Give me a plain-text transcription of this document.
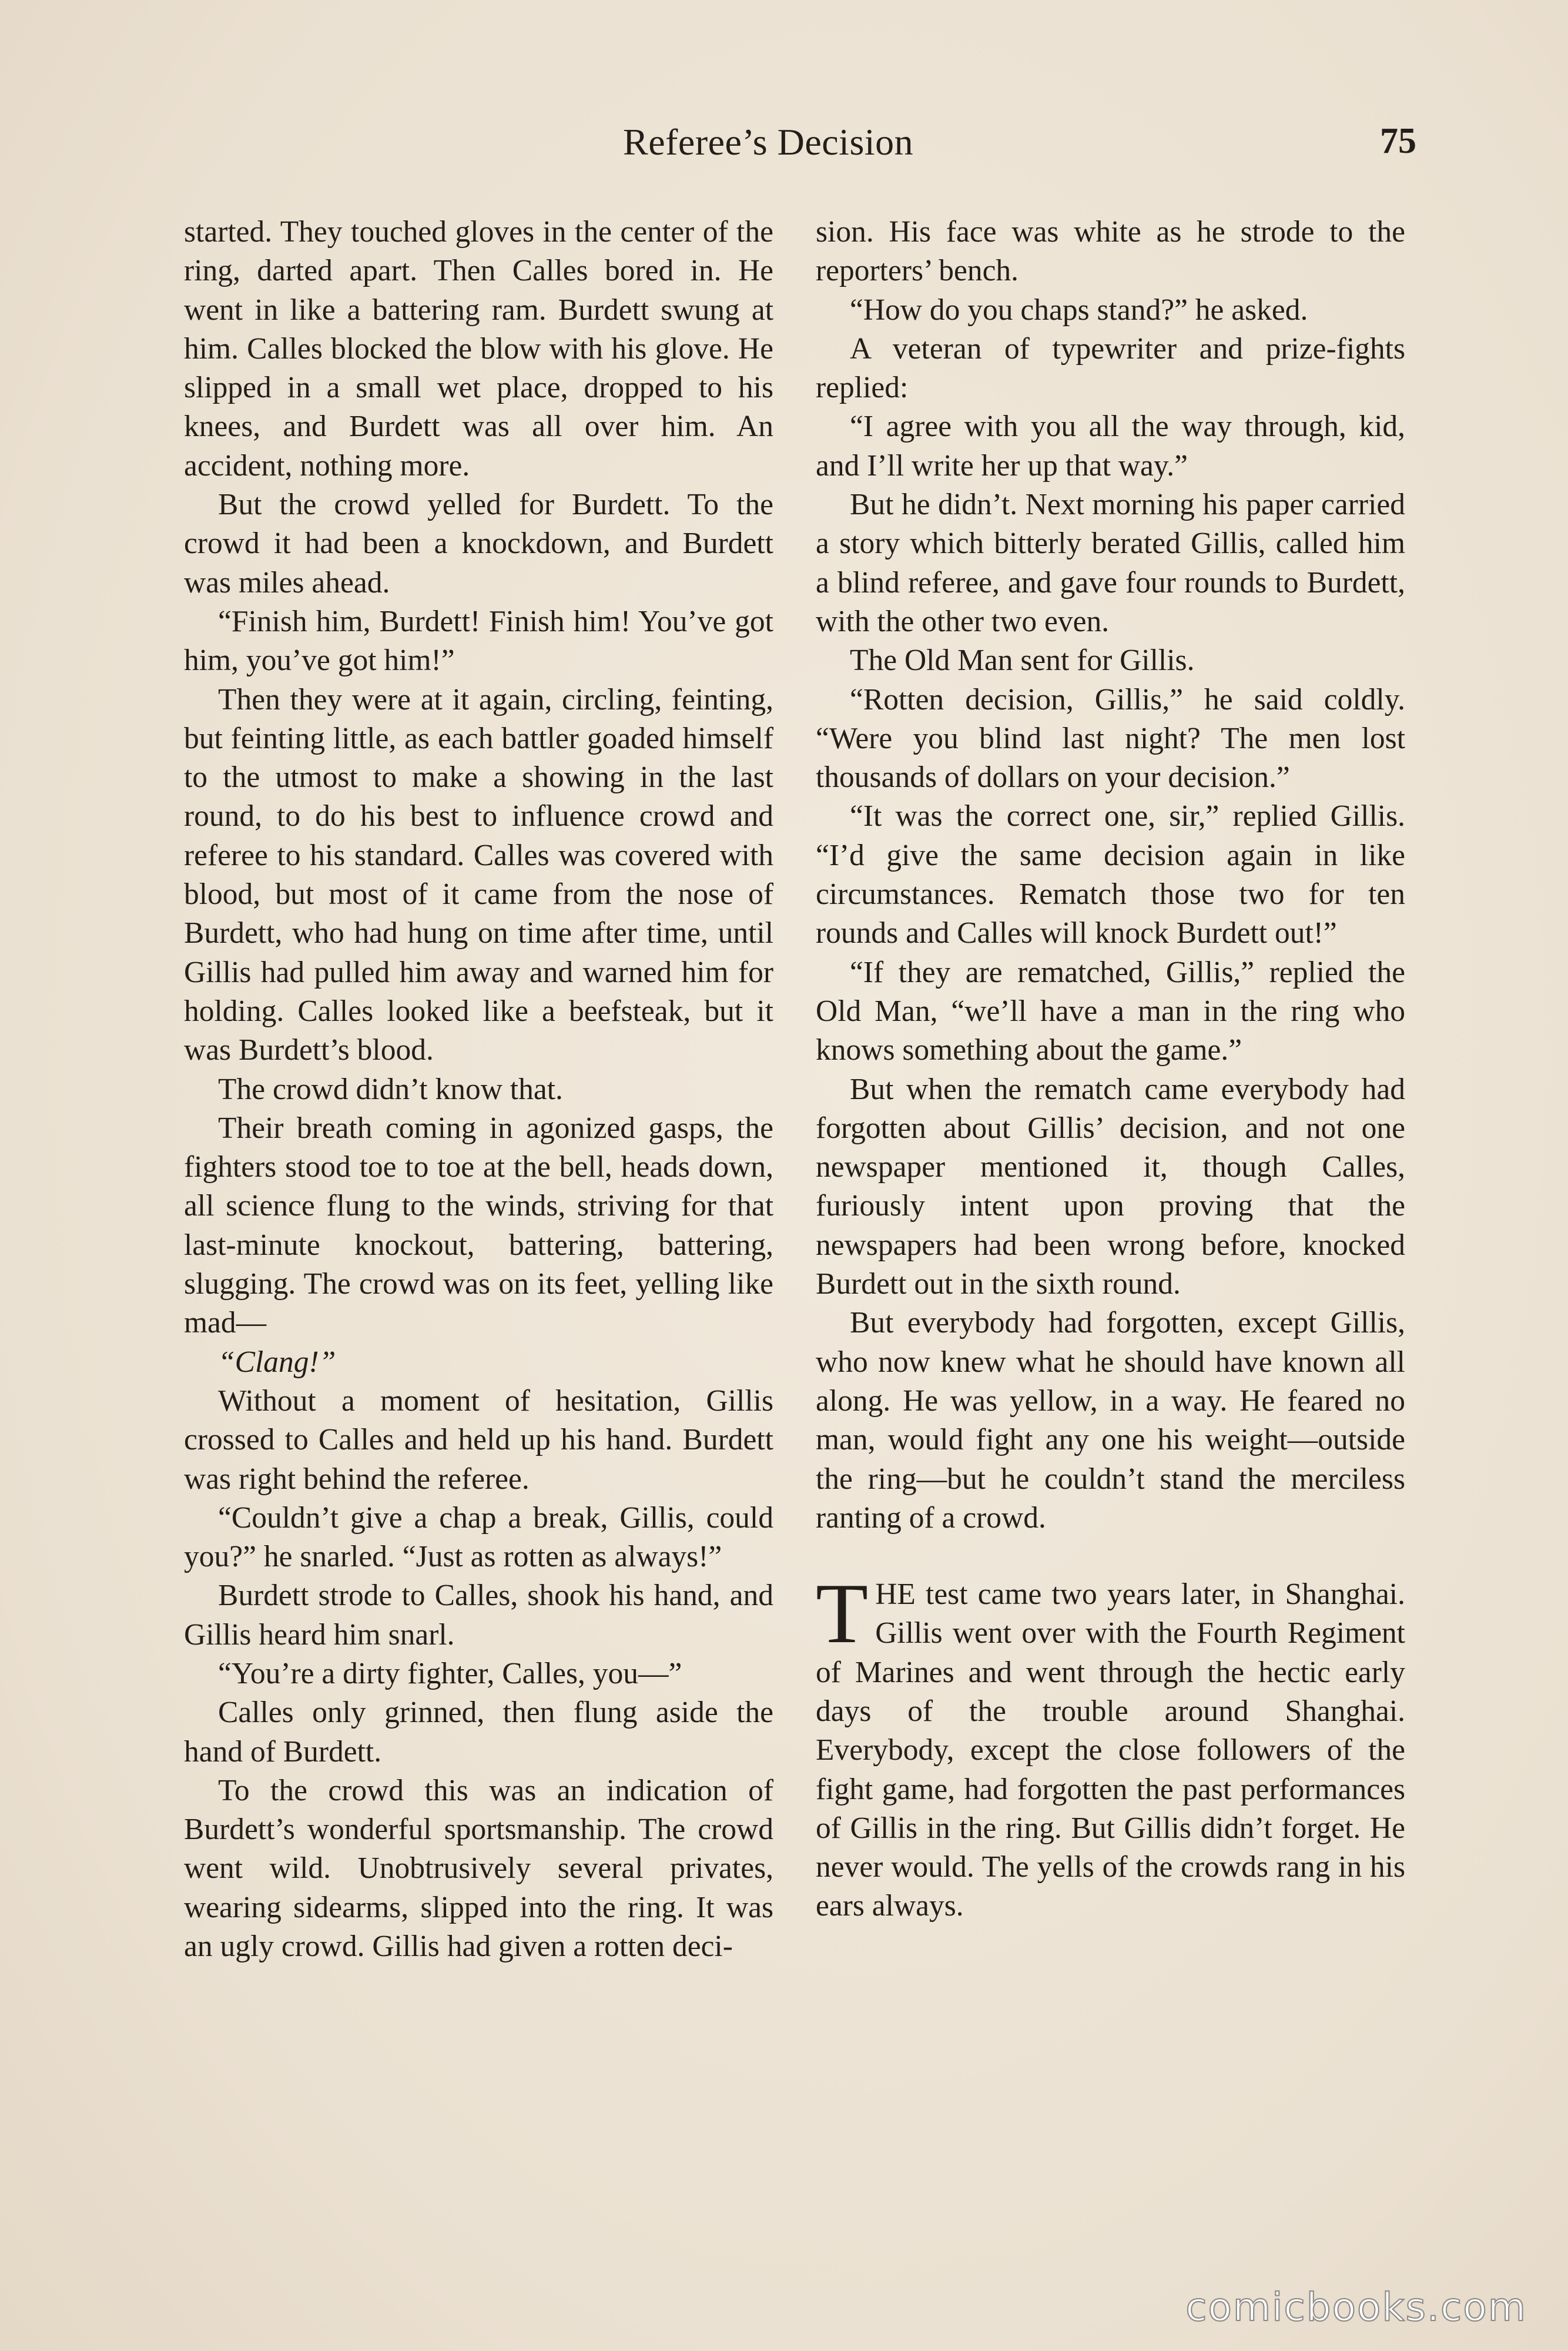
Referee’s Decision	75

started. They touched gloves in the center of the ring, darted apart. Then Calles bored in. He went in like a battering ram. Burdett swung at him. Calles blocked the blow with his glove. He slipped in a small wet place, dropped to his knees, and Burdett was all over him. An accident, nothing more.

But the crowd yelled for Burdett. To the crowd it had been a knockdown, and Burdett was miles ahead.

“Finish him, Burdett! Finish him! You’ve got him, you’ve got him!”

Then they were at it again, circling, feinting, but feinting little, as each battler goaded himself to the utmost to make a showing in the last round, to do his best to influence crowd and referee to his standard. Calles was covered with blood, but most of it came from the nose of Burdett, who had hung on time after time, until Gillis had pulled him away and warned him for holding. Calles looked like a beefsteak, but it was Burdett’s blood.

The crowd didn’t know that.

Their breath coming in agonized gasps, the fighters stood toe to toe at the bell, heads down, all science flung to the winds, striving for that last-minute knockout, battering, battering, slugging. The crowd was on its feet, yelling like mad—

“Clang!”

Without a moment of hesitation, Gillis crossed to Calles and held up his hand. Burdett was right behind the referee.

“Couldn’t give a chap a break, Gillis, could you?” he snarled. “Just as rotten as always!”

Burdett strode to Calles, shook his hand, and Gillis heard him snarl.

“You’re a dirty fighter, Calles, you—”

Calles only grinned, then flung aside the hand of Burdett.

To the crowd this was an indication of Burdett’s wonderful sportsmanship. The crowd went wild. Unobtrusively several privates, wearing sidearms, slipped into the ring. It was an ugly crowd. Gillis had given a rotten deci-

sion. His face was white as he strode to the reporters’ bench.

“How do you chaps stand?” he asked.

A veteran of typewriter and prize-fights replied:

“I agree with you all the way through, kid, and I’ll write her up that way.”

But he didn’t. Next morning his paper carried a story which bitterly berated Gillis, called him a blind referee, and gave four rounds to Burdett, with the other two even.

The Old Man sent for Gillis.

“Rotten decision, Gillis,” he said coldly. “Were you blind last night? The men lost thousands of dollars on your decision.”

“It was the correct one, sir,” replied Gillis. “I’d give the same decision again in like circumstances. Rematch those two for ten rounds and Calles will knock Burdett out!”

“If they are rematched, Gillis,” replied the Old Man, “we’ll have a man in the ring who knows something about the game.”

But when the rematch came everybody had forgotten about Gillis’ decision, and not one newspaper mentioned it, though Calles, furiously intent upon proving that the newspapers had been wrong before, knocked Burdett out in the sixth round.

But everybody had forgotten, except Gillis, who now knew what he should have known all along. He was yellow, in a way. He feared no man, would fight any one his weight—outside the ring—but he couldn’t stand the merciless ranting of a crowd.

THE test came two years later, in Shanghai. Gillis went over with the Fourth Regiment of Marines and went through the hectic early days of the trouble around Shanghai. Everybody, except the close followers of the fight game, had forgotten the past performances of Gillis in the ring. But Gillis didn’t forget. He never would. The yells of the crowds rang in his ears always.

comicbooks.com
